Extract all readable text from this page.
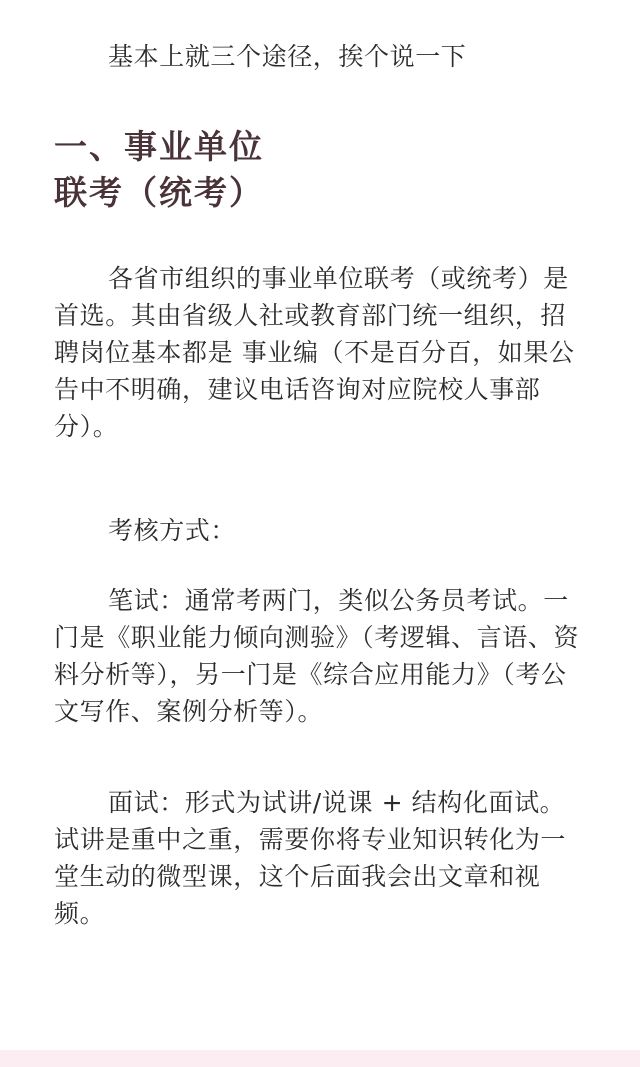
基本上就三个途径，挨个说一下

一、事业单位
联考（统考）

各省市组织的事业单位联考（或统考）是首选。其由省级人社或教育部门统一组织，招聘岗位基本都是 事业编（不是百分百，如果公告中不明确，建议电话咨询对应院校人事部分）。

考核方式：

笔试：通常考两门，类似公务员考试。一门是《职业能力倾向测验》（考逻辑、言语、资料分析等），另一门是《综合应用能力》（考公文写作、案例分析等）。

面试：形式为试讲/说课 + 结构化面试。试讲是重中之重，需要你将专业知识转化为一堂生动的微型课，这个后面我会出文章和视频。
